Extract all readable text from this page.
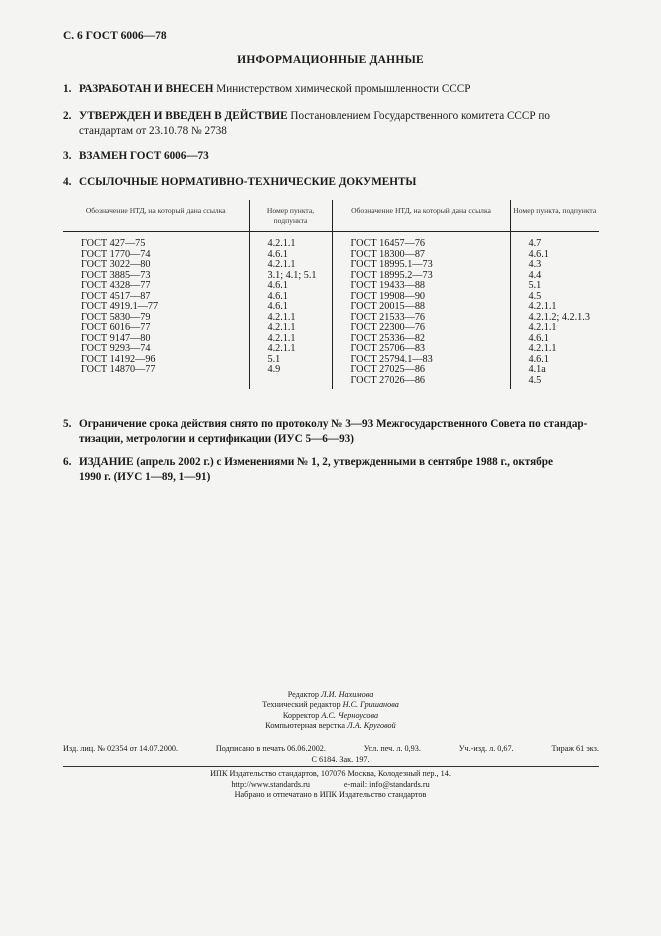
С. 6 ГОСТ 6006—78
ИНФОРМАЦИОННЫЕ ДАННЫЕ
1. РАЗРАБОТАН И ВНЕСЕН Министерством химической промышленности СССР
2. УТВЕРЖДЕН И ВВЕДЕН В ДЕЙСТВИЕ Постановлением Государственного комитета СССР по
стандартам от 23.10.78 № 2738
3. ВЗАМЕН ГОСТ 6006—73
4. ССЫЛОЧНЫЕ НОРМАТИВНО-ТЕХНИЧЕСКИЕ ДОКУМЕНТЫ
Обозначение НТД, на который дана ссылка	Номер пункта, подпункта	Обозначение НТД, на который дана ссылка	Номер пункта, подпункта
ГОСТ 427—75	4.2.1.1	ГОСТ 16457—76	4.7
ГОСТ 1770—74	4.6.1	ГОСТ 18300—87	4.6.1
ГОСТ 3022—80	4.2.1.1	ГОСТ 18995.1—73	4.3
ГОСТ 3885—73	3.1; 4.1; 5.1	ГОСТ 18995.2—73	4.4
ГОСТ 4328—77	4.6.1	ГОСТ 19433—88	5.1
ГОСТ 4517—87	4.6.1	ГОСТ 19908—90	4.5
ГОСТ 4919.1—77	4.6.1	ГОСТ 20015—88	4.2.1.1
ГОСТ 5830—79	4.2.1.1	ГОСТ 21533—76	4.2.1.2; 4.2.1.3
ГОСТ 6016—77	4.2.1.1	ГОСТ 22300—76	4.2.1.1
ГОСТ 9147—80	4.2.1.1	ГОСТ 25336—82	4.6.1
ГОСТ 9293—74	4.2.1.1	ГОСТ 25706—83	4.2.1.1
ГОСТ 14192—96	5.1	ГОСТ 25794.1—83	4.6.1
ГОСТ 14870—77	4.9	ГОСТ 27025—86	4.1а
		ГОСТ 27026—86	4.5
5. Ограничение срока действия снято по протоколу № 3—93 Межгосударственного Совета по стандар-
тизации, метрологии и сертификации (ИУС 5—6—93)
6. ИЗДАНИЕ (апрель 2002 г.) с Изменениями № 1, 2, утвержденными в сентябре 1988 г., октябре
1990 г. (ИУС 1—89, 1—91)
Редактор Л.И. Нахимова
Технический редактор Н.С. Гришанова
Корректор А.С. Черноусова
Компьютерная верстка Л.А. Круговой
Изд. лиц. № 02354 от 14.07.2000.	Подписано в печать 06.06.2002.	Усл. печ. л. 0,93.	Уч.-изд. л. 0,67.	Тираж 61 экз.
С 6184. Зак. 197.
ИПК Издательство стандартов, 107076 Москва, Колодезный пер., 14.
http://www.standards.ru	e-mail: info@standards.ru
Набрано и отпечатано в ИПК Издательство стандартов
